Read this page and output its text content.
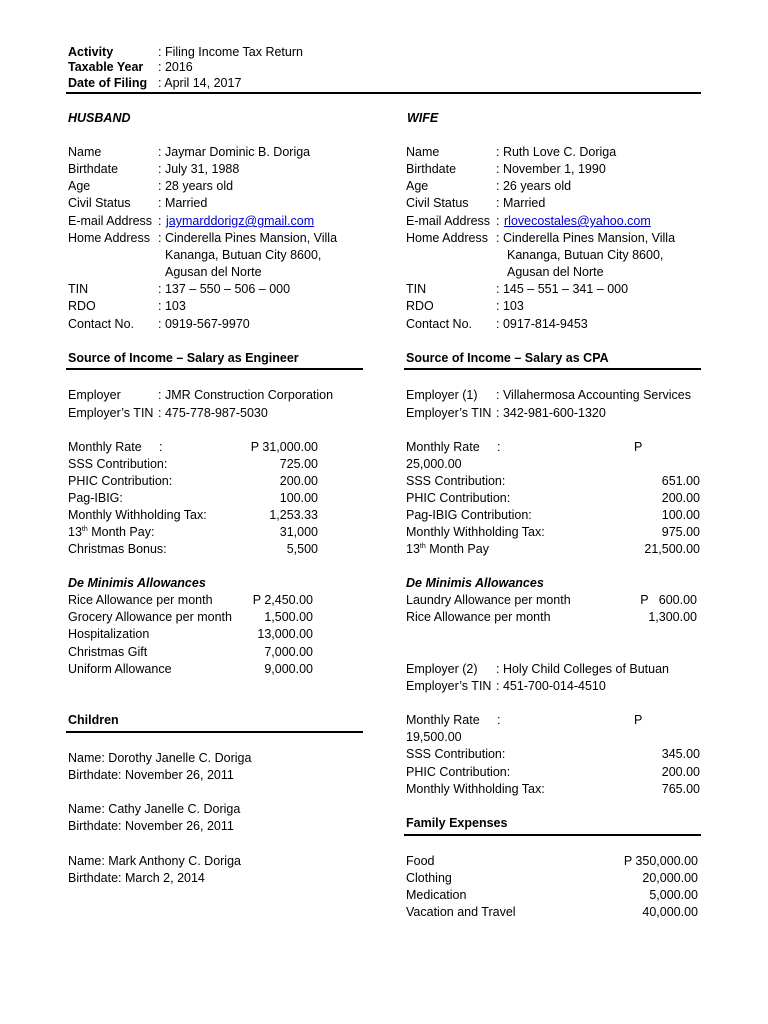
Activity	: Filing Income Tax Return
Taxable Year : 2016
Date of Filing : April 14, 2017
HUSBAND
Name	: Jaymar Dominic B. Doriga
Birthdate	: July 31, 1988
Age	: 28 years old
Civil Status : Married
E-mail Address : jaymarddorigz@gmail.com
Home Address : Cinderella Pines Mansion, Villa
Kananga, Butuan City 8600,
Agusan del Norte
TIN	: 137 – 550 – 506 – 000
RDO	: 103
Contact No. : 0919-567-9970
Source of Income – Salary as Engineer
Employer	: JMR Construction Corporation
Employer’s TIN : 475-778-987-5030
Monthly Rate     :	P 31,000.00
SSS Contribution:	725.00
PHIC Contribution:	200.00
Pag-IBIG:	100.00
Monthly Withholding Tax:	1,253.33
13th Month Pay:	31,000
Christmas Bonus:	5,500
De Minimis Allowances
Rice Allowance per month	P 2,450.00
Grocery Allowance per month	1,500.00
Hospitalization	13,000.00
Christmas Gift	7,000.00
Uniform Allowance	9,000.00
Children
Name: Dorothy Janelle C. Doriga
Birthdate: November 26, 2011
Name: Cathy Janelle C. Doriga
Birthdate: November 26, 2011
Name: Mark Anthony C. Doriga
Birthdate: March 2, 2014
WIFE
Name	: Ruth Love C. Doriga
Birthdate	: November 1, 1990
Age	: 26 years old
Civil Status : Married
E-mail Address : rlovecostales@yahoo.com
Home Address : Cinderella Pines Mansion, Villa
Kananga, Butuan City 8600,
Agusan del Norte
TIN	: 145 – 551 – 341 – 000
RDO	: 103
Contact No. : 0917-814-9453
Source of Income – Salary as CPA
Employer (1) : Villahermosa Accounting Services
Employer’s TIN : 342-981-600-1320
Monthly Rate     :	P
25,000.00
SSS Contribution:	651.00
PHIC Contribution:	200.00
Pag-IBIG Contribution:	100.00
Monthly Withholding Tax:	975.00
13th Month Pay	21,500.00
De Minimis Allowances
Laundry Allowance per month	P   600.00
Rice Allowance per month	1,300.00
Employer (2) : Holy Child Colleges of Butuan
Employer’s TIN : 451-700-014-4510
Monthly Rate     :	P
19,500.00
SSS Contribution:	345.00
PHIC Contribution:	200.00
Monthly Withholding Tax:	765.00
Family Expenses
Food	P 350,000.00
Clothing	20,000.00
Medication	5,000.00
Vacation and Travel	40,000.00
